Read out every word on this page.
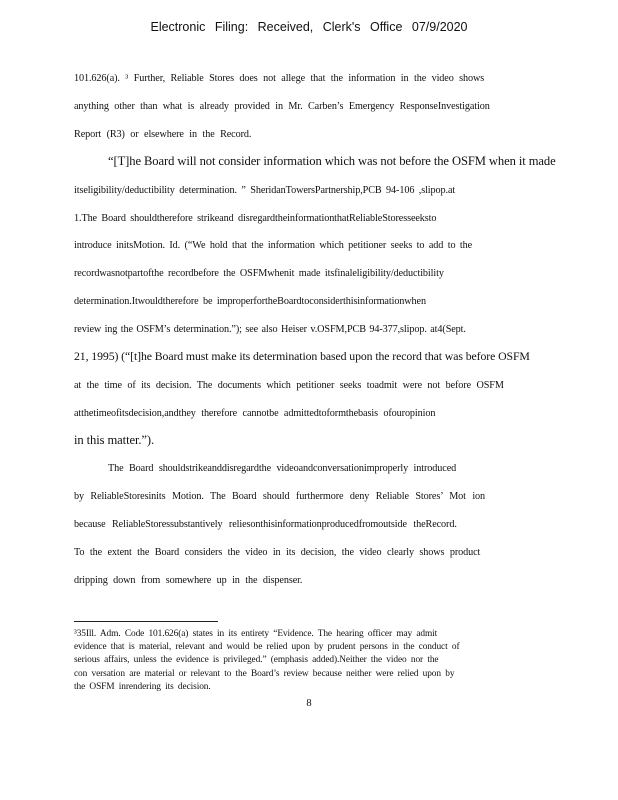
Electronic Filing: Received, Clerk's Office 07/9/2020
101.626(a). ³ Further, Reliable Stores does not allege that the information in the video shows
anything other than what is already provided in Mr. Carben’s Emergency ResponseInvestigation
Report (R3) or elsewhere in the Record.
“[T]he Board will not consider information which was not before the OSFM when it made
itseligibility/deductibility determination. ” SheridanTowersPartnership,PCB 94-106 ,slipop.at
1.The Board shouldtherefore strikeand disregardtheinformationthatReliableStoresseeksto
introduce initsMotion. Id. (“We hold that the information which petitioner seeks to add to the
recordwasnotpartofthe recordbefore the OSFMwhenit made itsfinaleligibility/deductibility
determination.Itwouldtherefore be improperfortheBoardtoconsiderthisinformationwhen
review ing the OSFM’s determination.”); see also Heiser v.OSFM,PCB 94-377,slipop. at4(Sept.
21, 1995) (“[t]he Board must make its determination based upon the record that was before OSFM
at the time of its decision. The documents which petitioner seeks toadmit were not before OSFM
atthetimeofitsdecision,andthey therefore cannotbe admittedtoformthebasis ofouropinion
in this matter.”).
The Board shouldstrikeanddisregardthe videoandconversationimproperly introduced
by ReliableStoresinits Motion. The Board should furthermore deny Reliable Stores’ Mot ion
because ReliableStoressubstantively reliesonthisinformationproducedfromoutside theRecord.
To the extent the Board considers the video in its decision, the video clearly shows product
dripping down from somewhere up in the dispenser.
³35Ill. Adm. Code 101.626(a) states in its entirety “Evidence. The hearing officer may admit
evidence that is material, relevant and would be relied upon by prudent persons in the conduct of
serious affairs, unless the evidence is privileged.” (emphasis added).Neither the video nor the
con versation are material or relevant to the Board’s review because neither were relied upon by
the OSFM inrendering its decision.
8
